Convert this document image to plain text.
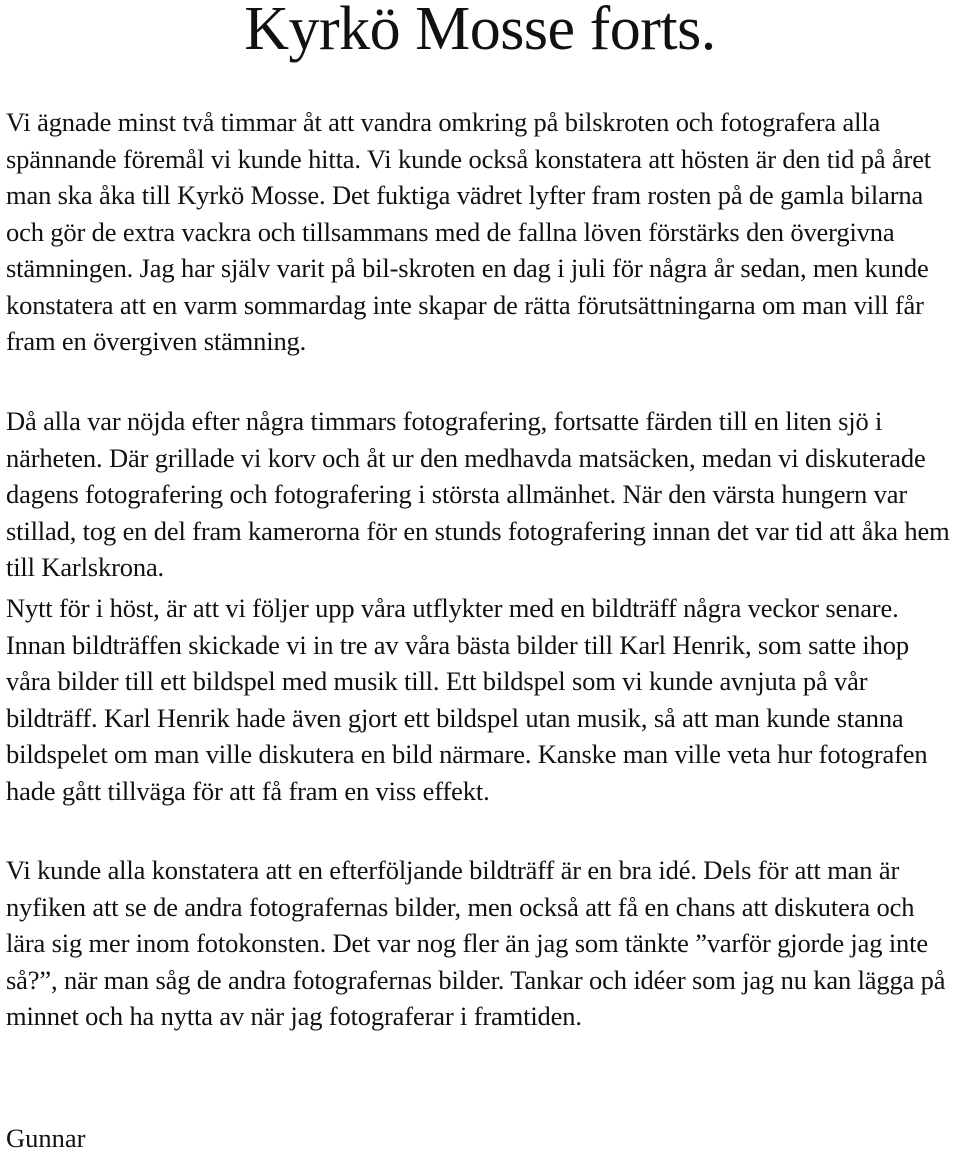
Kyrkö Mosse forts.

Vi ägnade minst två timmar åt att vandra omkring på bilskroten och fotografera alla spännande föremål vi kunde hitta. Vi kunde också konstatera att hösten är den tid på året man ska åka till Kyrkö Mosse. Det fuktiga vädret lyfter fram rosten på de gamla bilarna och gör de extra vackra och tillsammans med de fallna löven förstärks den övergivna stämningen. Jag har själv varit på bil-skroten en dag i juli för några år sedan, men kunde konstatera att en varm sommardag inte skapar de rätta förutsättningarna om man vill får fram en övergiven stämning.

Då alla var nöjda efter några timmars fotografering, fortsatte färden till en liten sjö i närheten. Där grillade vi korv och åt ur den medhavda matsäcken, medan vi diskuterade dagens fotografering och fotografering i största allmänhet. När den värsta hungern var stillad, tog en del fram kamerorna för en stunds fotografering innan det var tid att åka hem till Karlskrona.

Nytt för i höst, är att vi följer upp våra utflykter med en bildträff några veckor senare. Innan bildträffen skickade vi in tre av våra bästa bilder till Karl Henrik, som satte ihop våra bilder till ett bildspel med musik till. Ett bildspel som vi kunde avnjuta på vår bildträff. Karl Henrik hade även gjort ett bildspel utan musik, så att man kunde stanna bildspelet om man ville diskutera en bild närmare. Kanske man ville veta hur fotografen hade gått tillväga för att få fram en viss effekt.

Vi kunde alla konstatera att en efterföljande bildträff är en bra idé. Dels för att man är nyfiken att se de andra fotografernas bilder, men också att få en chans att diskutera och lära sig mer inom fotokonsten. Det var nog fler än jag som tänkte ”varför gjorde jag inte så?”, när man såg de andra fotografernas bilder. Tankar och idéer som jag nu kan lägga på minnet och ha nytta av när jag fotograferar i framtiden.

Gunnar
